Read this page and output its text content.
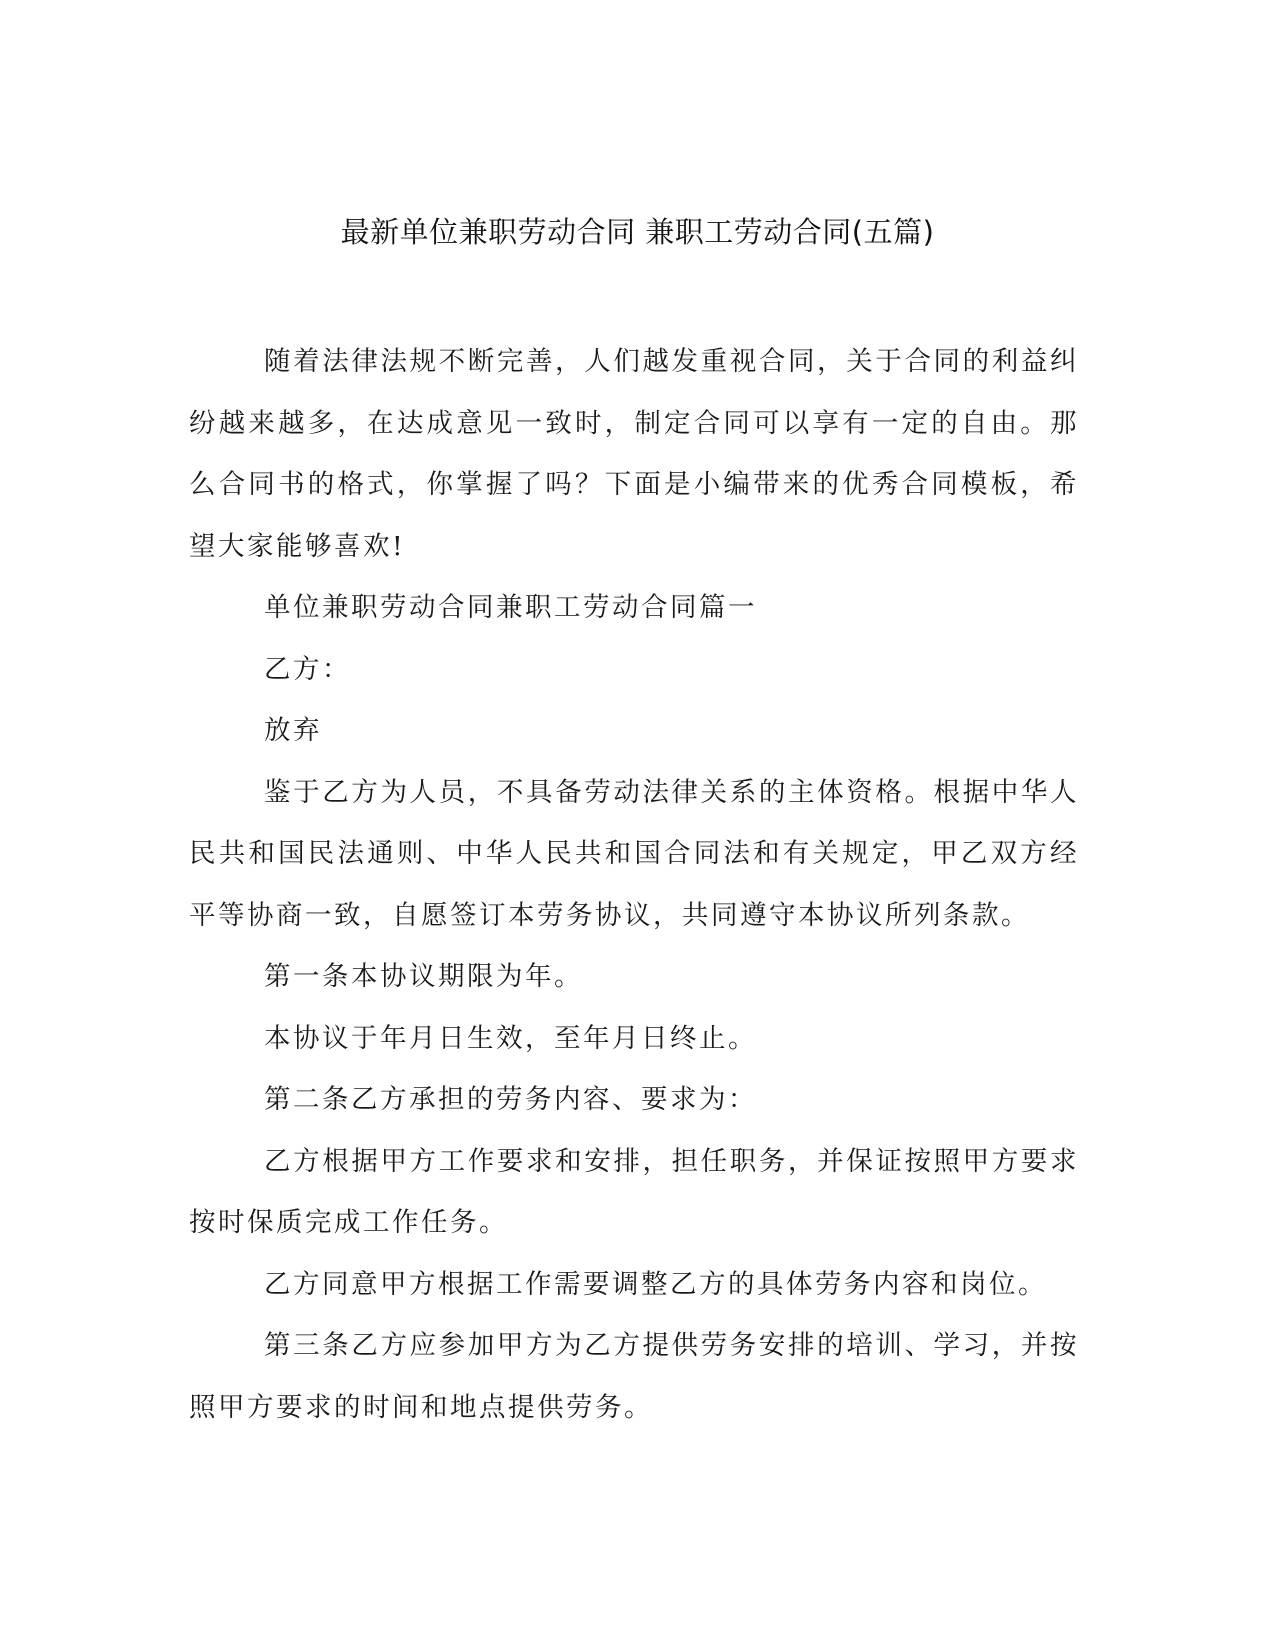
最新单位兼职劳动合同 兼职工劳动合同(五篇)

随着法律法规不断完善，人们越发重视合同，关于合同的利益纠纷越来越多，在达成意见一致时，制定合同可以享有一定的自由。那么合同书的格式，你掌握了吗？下面是小编带来的优秀合同模板，希望大家能够喜欢!

单位兼职劳动合同兼职工劳动合同篇一

乙方：

放弃

鉴于乙方为人员，不具备劳动法律关系的主体资格。根据中华人民共和国民法通则、中华人民共和国合同法和有关规定，甲乙双方经平等协商一致，自愿签订本劳务协议，共同遵守本协议所列条款。

第一条本协议期限为年。

本协议于年月日生效，至年月日终止。

第二条乙方承担的劳务内容、要求为：

乙方根据甲方工作要求和安排，担任职务，并保证按照甲方要求按时保质完成工作任务。

乙方同意甲方根据工作需要调整乙方的具体劳务内容和岗位。

第三条乙方应参加甲方为乙方提供劳务安排的培训、学习，并按照甲方要求的时间和地点提供劳务。
